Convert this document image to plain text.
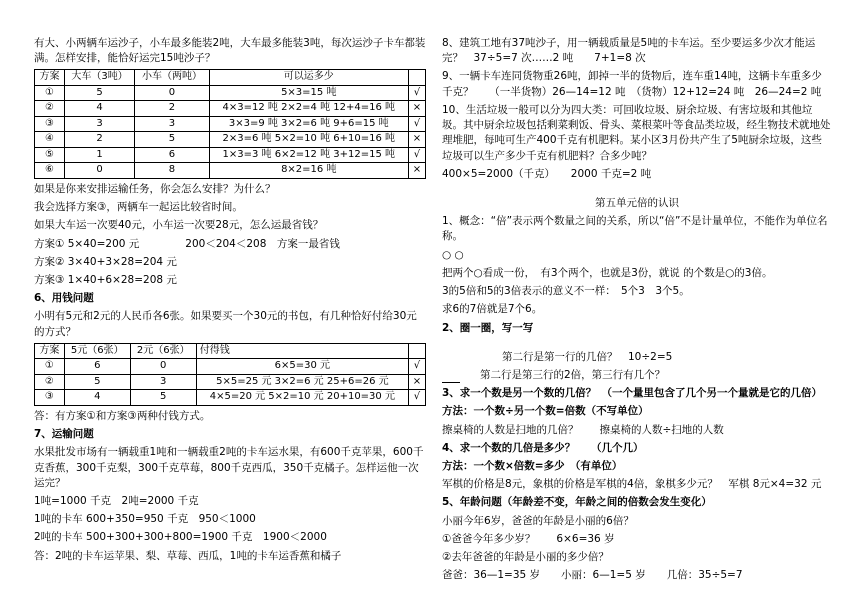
有大、小两辆车运沙子，小车最多能装2吨，大车最多能装3吨，每次运沙子卡车都装满。怎样安排，能恰好运完15吨沙子？

方案	大车（3吨）	小车（两吨）	可以运多少	
①	5	0	5×3=15 吨	√
②	4	2	4×3=12 吨 2×2=4 吨 12+4=16 吨	×
③	3	3	3×3=9 吨 3×2=6 吨 9+6=15 吨	√
④	2	5	2×3=6 吨 5×2=10 吨 6+10=16 吨	×
⑤	1	6	1×3=3 吨 6×2=12 吨 3+12=15 吨	√
⑥	0	8	8×2=16 吨	×

如果是你来安排运输任务，你会怎么安排？为什么？

我会选择方案③，两辆车一起运比较省时间。

如果大车运一次要40元，小车运一次要28元，怎么运最省钱？

方案① 5×40=200 元	200＜204＜208　方案一最省钱

方案② 3×40+3×28=204 元

方案③ 1×40+6×28=208 元

6、用钱问题

小明有5元和2元的人民币各6张。如果要买一个30元的书包，有几种恰好付给30元的方式？

方案	5元（6张）	2元（6张）	付得钱	
①	6	0	6×5=30 元	√
②	5	3	5×5=25 元 3×2=6 元 25+6=26 元	×
③	4	5	4×5=20 元 5×2=10 元 20+10=30 元	√

答：有方案①和方案③两种付钱方式。

7、运输问题

水果批发市场有一辆载重1吨和一辆载重2吨的卡车运水果，有600千克苹果，600千克香蕉，300千克梨，300千克草莓，800千克西瓜，350千克橘子。怎样运他一次运完？

1吨=1000 千克　2吨=2000 千克

1吨的卡车 600+350=950 千克　950＜1000

2吨的卡车 500+300+300+800=1900 千克　1900＜2000

答：2吨的卡车运苹果、梨、草莓、西瓜，1吨的卡车运香蕉和橘子

8、建筑工地有37吨沙子，用一辆载质量是5吨的卡车运。至少要运多少次才能运完？　37÷5=7 次……2 吨　　7+1=8 次

9、一辆卡车连同货物重26吨，卸掉一半的货物后，连车重14吨，这辆卡车重多少千克？　　（一半货物）26—14=12 吨　（货物）12+12=24 吨　26—24=2 吨

10、生活垃圾一般可以分为四大类：可回收垃圾、厨余垃圾、有害垃圾和其他垃圾。其中厨余垃圾包括剩菜剩饭、骨头、菜根菜叶等食品类垃圾，经生物技术就地处理堆肥，每吨可生产400千克有机肥料。某小区3月份共产生了5吨厨余垃圾，这些垃圾可以生产多少千克有机肥料？合多少吨？

400×5=2000（千克）　　2000 千克=2 吨

第五单元倍的认识

1、概念：“倍”表示两个数量之间的关系，所以“倍”不是计量单位，不能作为单位名称。

○ ○

把两个○看成一份，　有3个两个，也就是3份，就说 的个数是○的3倍。

3的5倍和5的3倍表示的意义不一样：　5个3　3个5。

求6的7倍就是7个6。

2、圈一圈，写一写

第二行是第一行的几倍？　10÷2=5

第二行是第三行的2倍，第三行有几个？

3、求一个数是另一个数的几倍？　（一个量里包含了几个另一个量就是它的几倍）

方法：一个数÷另一个数=倍数（不写单位）

擦桌椅的人数是扫地的几倍？　　擦桌椅的人数÷扫地的人数

4、求一个数的几倍是多少？　　（几个几）

方法：一个数×倍数=多少　（有单位）

军棋的价格是8元，象棋的价格是军棋的4倍，象棋多少元？　军棋 8元×4=32 元

5、年龄问题（年龄差不变，年龄之间的倍数会发生变化）

小丽今年6岁，爸爸的年龄是小丽的6倍？

①爸爸今年多少岁？　　6×6=36 岁

②去年爸爸的年龄是小丽的多少倍？

爸爸：36—1=35 岁　　小丽：6—1=5 岁　　几倍：35÷5=7
